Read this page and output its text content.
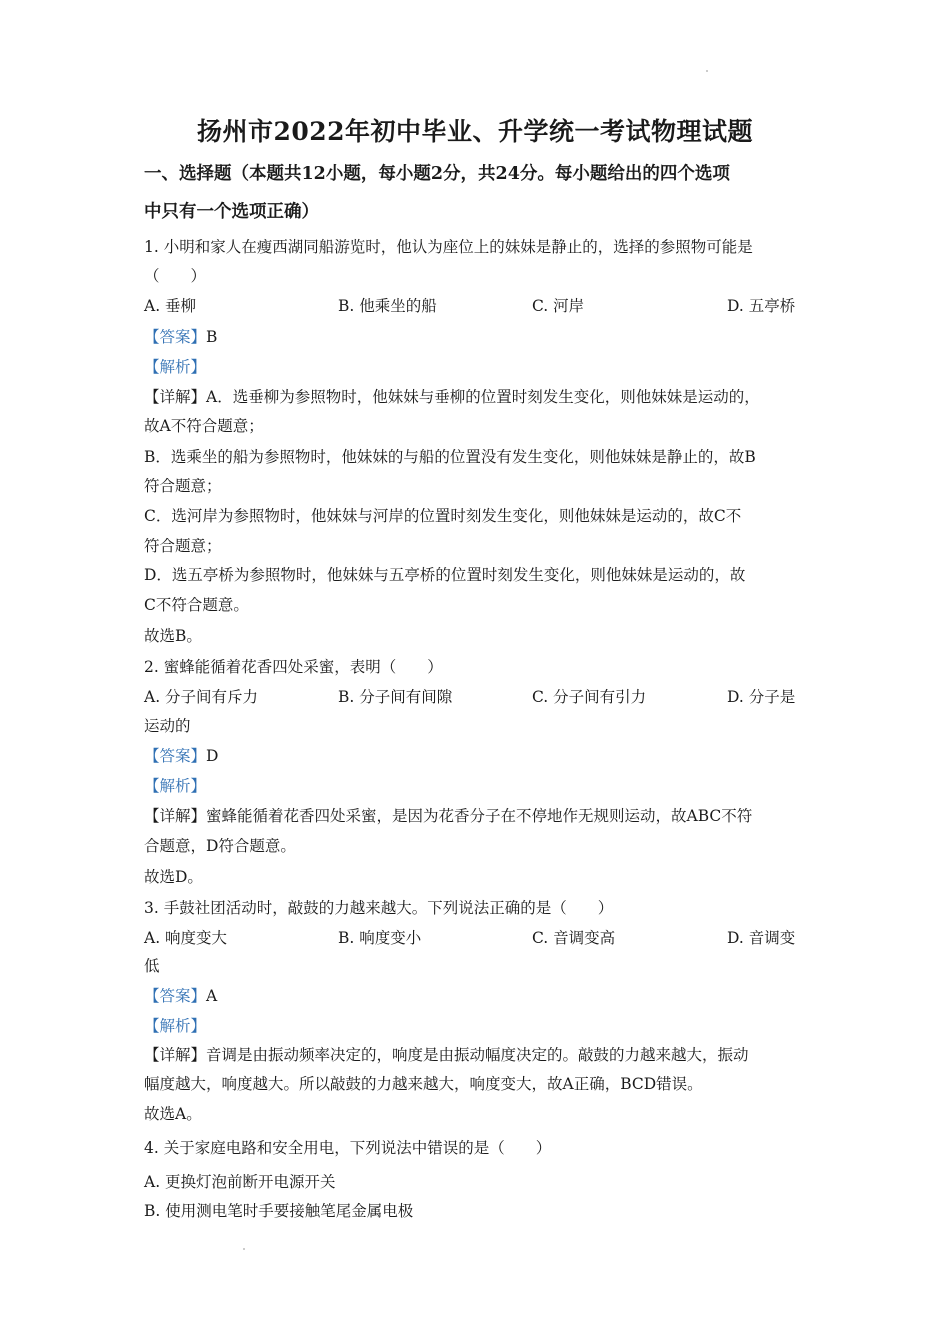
扬州市2022年初中毕业、升学统一考试物理试题
一、选择题（本题共12小题，每小题2分，共24分。每小题给出的四个选项
中只有一个选项正确）
1. 小明和家人在瘦西湖同船游览时，他认为座位上的妹妹是静止的，选择的参照物可能是
（　　）
A. 垂柳	B. 他乘坐的船	C. 河岸	D. 五亭桥
【答案】B
【解析】
【详解】A．选垂柳为参照物时，他妹妹与垂柳的位置时刻发生变化，则他妹妹是运动的，
故A不符合题意；
B．选乘坐的船为参照物时，他妹妹的与船的位置没有发生变化，则他妹妹是静止的，故B
符合题意；
C．选河岸为参照物时，他妹妹与河岸的位置时刻发生变化，则他妹妹是运动的，故C不
符合题意；
D．选五亭桥为参照物时，他妹妹与五亭桥的位置时刻发生变化，则他妹妹是运动的，故
C不符合题意。
故选B。
2. 蜜蜂能循着花香四处采蜜，表明（　　）
A. 分子间有斥力	B. 分子间有间隙	C. 分子间有引力	D. 分子是
运动的
【答案】D
【解析】
【详解】蜜蜂能循着花香四处采蜜，是因为花香分子在不停地作无规则运动，故ABC不符
合题意，D符合题意。
故选D。
3. 手鼓社团活动时，敲鼓的力越来越大。下列说法正确的是（　　）
A. 响度变大	B. 响度变小	C. 音调变高	D. 音调变
低
【答案】A
【解析】
【详解】音调是由振动频率决定的，响度是由振动幅度决定的。敲鼓的力越来越大，振动
幅度越大，响度越大。所以敲鼓的力越来越大，响度变大，故A正确，BCD错误。
故选A。
4. 关于家庭电路和安全用电，下列说法中错误的是（　　）
A. 更换灯泡前断开电源开关
B. 使用测电笔时手要接触笔尾金属电极
